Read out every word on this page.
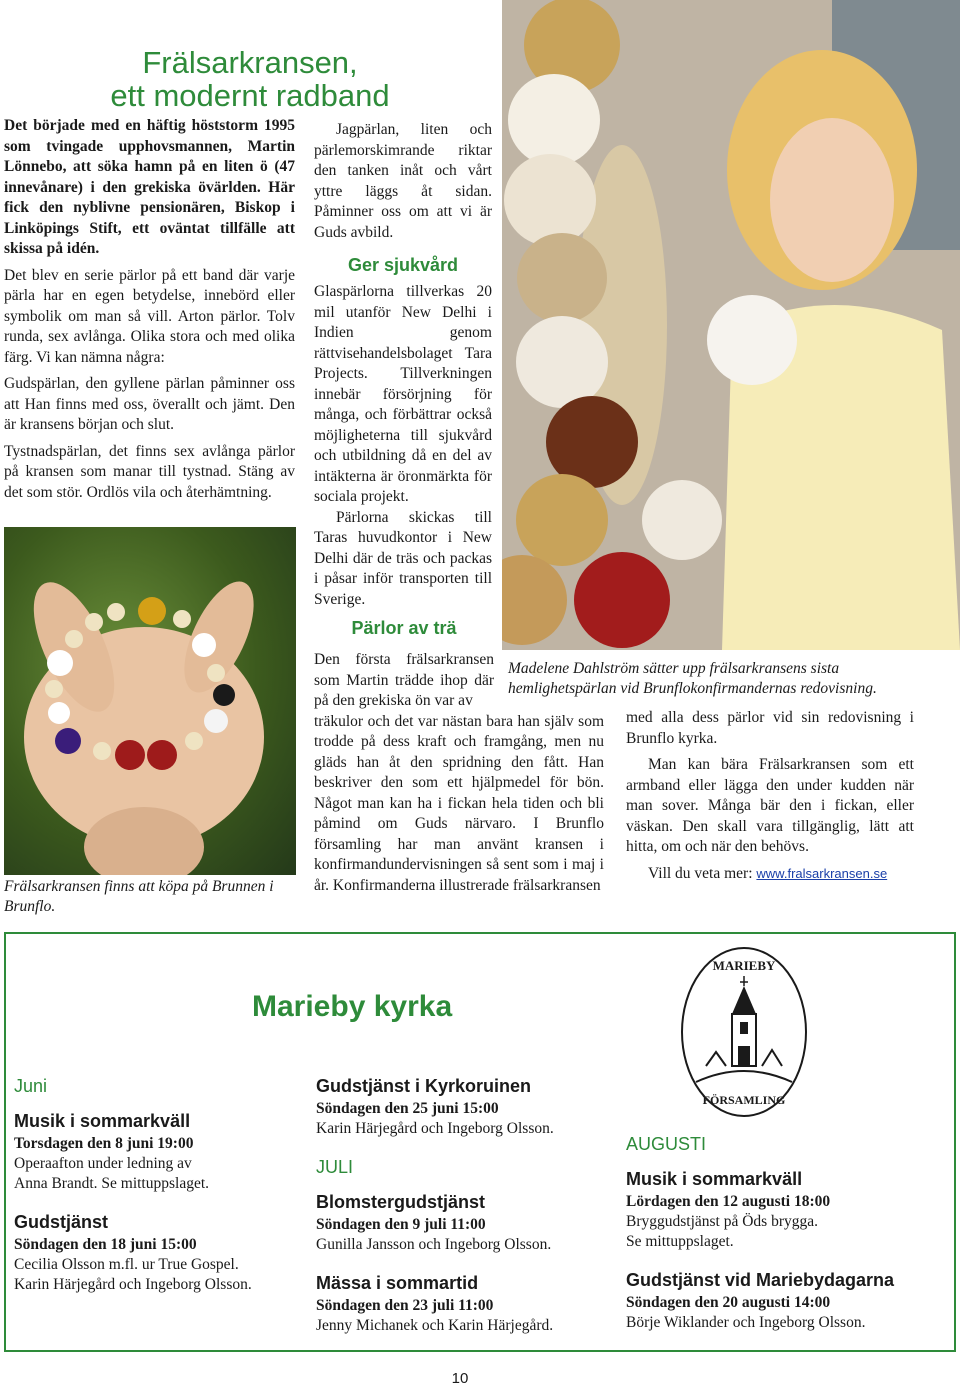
Frälsarkransen,
ett modernt radband

Det började med en häftig höststorm 1995 som tvingade upphovsmannen, Martin Lönnebo, att söka hamn på en liten ö (47 innevånare) i den grekiska övärlden. Här fick den nyblivne pensionären, Biskop i Linköpings Stift, ett oväntat tillfälle att skissa på idén.

Det blev en serie pärlor på ett band där varje pärla har en egen betydelse, innebörd eller symbolik om man så vill. Arton pärlor. Tolv runda, sex avlånga. Olika stora och med olika färg. Vi kan nämna några:

Gudspärlan, den gyllene pärlan påminner oss att Han finns med oss, överallt och jämt. Den är kransens början och slut.

Tystnadspärlan, det finns sex avlånga pärlor på kransen som manar till tystnad. Stäng av det som stör. Ordlös vila och återhämtning.

Frälsarkransen finns att köpa på Brunnen i Brunflo.

Jagpärlan, liten och pärlemorskimrande riktar den tanken inåt och vårt yttre läggs åt sidan. Påminner oss om att vi är Guds avbild.

Ger sjukvård

Glaspärlorna tillverkas 20 mil utanför New Delhi i Indien genom rättvisehandelsbolaget Tara Projects. Tillverkningen innebär försörjning för många, och förbättrar också möjligheterna till sjukvård och utbildning då en del av intäkterna är öronmärkta för sociala projekt.

Pärlorna skickas till Taras huvudkontor i New Delhi där de träs och packas i påsar inför transporten till Sverige.

Pärlor av trä

Den första frälsarkransen som Martin trädde ihop där på den grekiska ön var av

träkulor och det var nästan bara han själv som trodde på dess kraft och framgång, men nu gläds han åt den spridning den fått. Han beskriver den som ett hjälpmedel för bön. Något man kan ha i fickan hela tiden och bli påmind om Guds närvaro. I Brunflo församling har man använt kransen i konfirmandundervisningen så sent som i maj i år. Konfirmanderna illustrerade frälsarkransen

Madelene Dahlström sätter upp frälsarkransens sista hemlighetspärlan vid Brunflokonfirmandernas redovisning.

med alla dess pärlor vid sin redovisning i Brunflo kyrka.

Man kan bära Frälsarkransen som ett armband eller lägga den under kudden när man sover. Många bär den i fickan, eller väskan. Den skall vara tillgänglig, lätt att hitta, om och när den behövs.

Vill du veta mer: www.fralsarkransen.se

Marieby kyrka
MARIEBY
FÖRSAMLING
Juni
Musik i sommarkväll
Torsdagen den 8 juni 19:00
Operaafton under ledning av
Anna Brandt. Se mittuppslaget.
Gudstjänst
Söndagen den 18 juni 15:00
Cecilia Olsson m.fl. ur True Gospel.
Karin Härjegård och Ingeborg Olsson.
Gudstjänst i Kyrkoruinen
Söndagen den 25 juni 15:00
Karin Härjegård och Ingeborg Olsson.
JULI
Blomstergudstjänst
Söndagen den 9 juli 11:00
Gunilla Jansson och Ingeborg Olsson.
Mässa i sommartid
Söndagen den 23 juli 11:00
Jenny Michanek och Karin Härjegård.
AUGUSTI
Musik i sommarkväll
Lördagen den 12 augusti 18:00
Bryggudstjänst på Öds brygga.
Se mittuppslaget.
Gudstjänst vid Mariebydagarna
Söndagen den 20 augusti 14:00
Börje Wiklander och Ingeborg Olsson.
10
